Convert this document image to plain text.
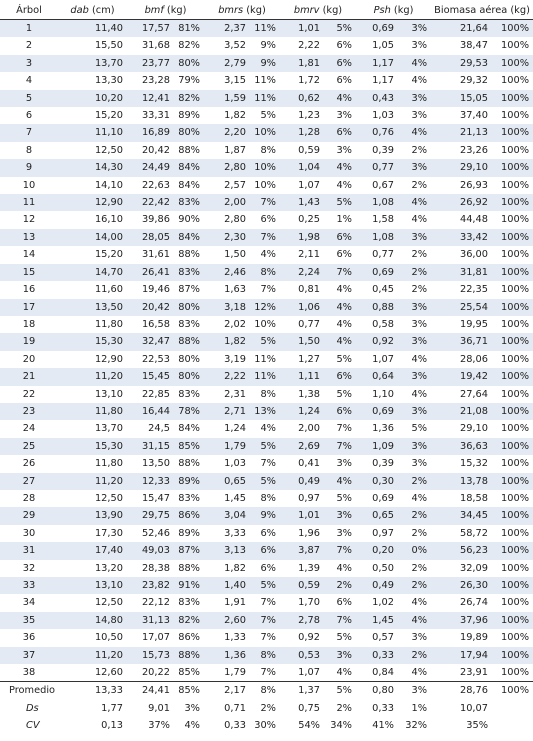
Árbol	dab (cm)	bmf (kg)		bmrs (kg)		bmrv (kg)		Psh (kg)		Biomasa aérea (kg)	
1	11,40	17,57	81%	2,37	11%	1,01	5%	0,69	3%	21,64	100%
2	15,50	31,68	82%	3,52	9%	2,22	6%	1,05	3%	38,47	100%
3	13,70	23,77	80%	2,79	9%	1,81	6%	1,17	4%	29,53	100%
4	13,30	23,28	79%	3,15	11%	1,72	6%	1,17	4%	29,32	100%
5	10,20	12,41	82%	1,59	11%	0,62	4%	0,43	3%	15,05	100%
6	15,20	33,31	89%	1,82	5%	1,23	3%	1,03	3%	37,40	100%
7	11,10	16,89	80%	2,20	10%	1,28	6%	0,76	4%	21,13	100%
8	12,50	20,42	88%	1,87	8%	0,59	3%	0,39	2%	23,26	100%
9	14,30	24,49	84%	2,80	10%	1,04	4%	0,77	3%	29,10	100%
10	14,10	22,63	84%	2,57	10%	1,07	4%	0,67	2%	26,93	100%
11	12,90	22,42	83%	2,00	7%	1,43	5%	1,08	4%	26,92	100%
12	16,10	39,86	90%	2,80	6%	0,25	1%	1,58	4%	44,48	100%
13	14,00	28,05	84%	2,30	7%	1,98	6%	1,08	3%	33,42	100%
14	15,20	31,61	88%	1,50	4%	2,11	6%	0,77	2%	36,00	100%
15	14,70	26,41	83%	2,46	8%	2,24	7%	0,69	2%	31,81	100%
16	11,60	19,46	87%	1,63	7%	0,81	4%	0,45	2%	22,35	100%
17	13,50	20,42	80%	3,18	12%	1,06	4%	0,88	3%	25,54	100%
18	11,80	16,58	83%	2,02	10%	0,77	4%	0,58	3%	19,95	100%
19	15,30	32,47	88%	1,82	5%	1,50	4%	0,92	3%	36,71	100%
20	12,90	22,53	80%	3,19	11%	1,27	5%	1,07	4%	28,06	100%
21	11,20	15,45	80%	2,22	11%	1,11	6%	0,64	3%	19,42	100%
22	13,10	22,85	83%	2,31	8%	1,38	5%	1,10	4%	27,64	100%
23	11,80	16,44	78%	2,71	13%	1,24	6%	0,69	3%	21,08	100%
24	13,70	24,5	84%	1,24	4%	2,00	7%	1,36	5%	29,10	100%
25	15,30	31,15	85%	1,79	5%	2,69	7%	1,09	3%	36,63	100%
26	11,80	13,50	88%	1,03	7%	0,41	3%	0,39	3%	15,32	100%
27	11,20	12,33	89%	0,65	5%	0,49	4%	0,30	2%	13,78	100%
28	12,50	15,47	83%	1,45	8%	0,97	5%	0,69	4%	18,58	100%
29	13,90	29,75	86%	3,04	9%	1,01	3%	0,65	2%	34,45	100%
30	17,30	52,46	89%	3,33	6%	1,96	3%	0,97	2%	58,72	100%
31	17,40	49,03	87%	3,13	6%	3,87	7%	0,20	0%	56,23	100%
32	13,20	28,38	88%	1,82	6%	1,39	4%	0,50	2%	32,09	100%
33	13,10	23,82	91%	1,40	5%	0,59	2%	0,49	2%	26,30	100%
34	12,50	22,12	83%	1,91	7%	1,70	6%	1,02	4%	26,74	100%
35	14,80	31,13	82%	2,60	7%	2,78	7%	1,45	4%	37,96	100%
36	10,50	17,07	86%	1,33	7%	0,92	5%	0,57	3%	19,89	100%
37	11,20	15,73	88%	1,36	8%	0,53	3%	0,33	2%	17,94	100%
38	12,60	20,22	85%	1,79	7%	1,07	4%	0,84	4%	23,91	100%
Promedio	13,33	24,41	85%	2,17	8%	1,37	5%	0,80	3%	28,76	100%
Ds	1,77	9,01	3%	0,71	2%	0,75	2%	0,33	1%	10,07	
CV	0,13	37%	4%	0,33	30%	54%	34%	41%	32%	35%	
